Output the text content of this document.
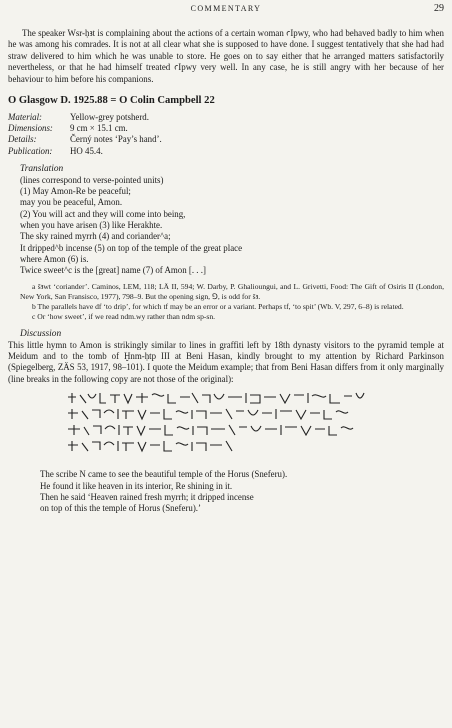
COMMENTARY	29

The speaker Wsr-ḥꜣt is complaining about the actions of a certain woman ꜥIpwy, who had behaved badly to him when he was among his comrades. It is not at all clear what she is supposed to have done. I suggest tentatively that she had had straw delivered to him which he was unable to store. He goes on to say either that he arranged matters satisfactorily nevertheless, or that he had himself treated ꜥIpwy very well. In any case, he is still angry with her because of her behaviour to him before his companions.

O Glasgow D. 1925.88 = O Colin Campbell 22
Material:	Yellow-grey potsherd.
Dimensions:	9 cm × 15.1 cm.
Details:	Černý notes ‘Pay’s hand’.
Publication:	HO 45.4.
Translation
(lines correspond to verse-pointed units)
(1) May Amon-Re be peaceful;
may you be peaceful, Amon.
(2) You will act and they will come into being,
when you have arisen (3) like Herakhte.
The sky rained myrrh (4) and coriander^a;
It dripped^b incense (5) on top of the temple of the great place
where Amon (6) is.
Twice sweet^c is the [great] name (7) of Amon [. . .]
a šꜣwt ‘coriander’. Caminos, LEM, 118; LÄ II, 594; W. Darby, P. Ghalioungui, and L. Grivetti, Food: The Gift of Osiris II (London, New York, San Fransisco, 1977), 798–9. But the opening sign, ⅁, is odd for šꜣ.
b The parallels have df ‘to drip’, for which tf may be an error or a variant. Perhaps tf, ‘to spit’ (Wb. V, 297, 6–8) is related.
c Or ‘how sweet’, if we read ndm.wy rather than ndm sp-sn.
Discussion

This little hymn to Amon is strikingly similar to lines in graffiti left by 18th dynasty visitors to the pyramid temple at Meidum and to the tomb of Ḫnm-ḥtp III at Beni Hasan, kindly brought to my attention by Richard Parkinson (Spiegelberg, ZÄS 53, 1917, 98–101). I quote the Meidum example; that from Beni Hasan differs from it only marginally (line breaks in the following copy are not those of the original):

The scribe N came to see the beautiful temple of the Horus (Sneferu).
He found it like heaven in its interior, Re shining in it.
Then he said ‘Heaven rained fresh myrrh; it dripped incense
on top of this the temple of Horus (Sneferu).’
